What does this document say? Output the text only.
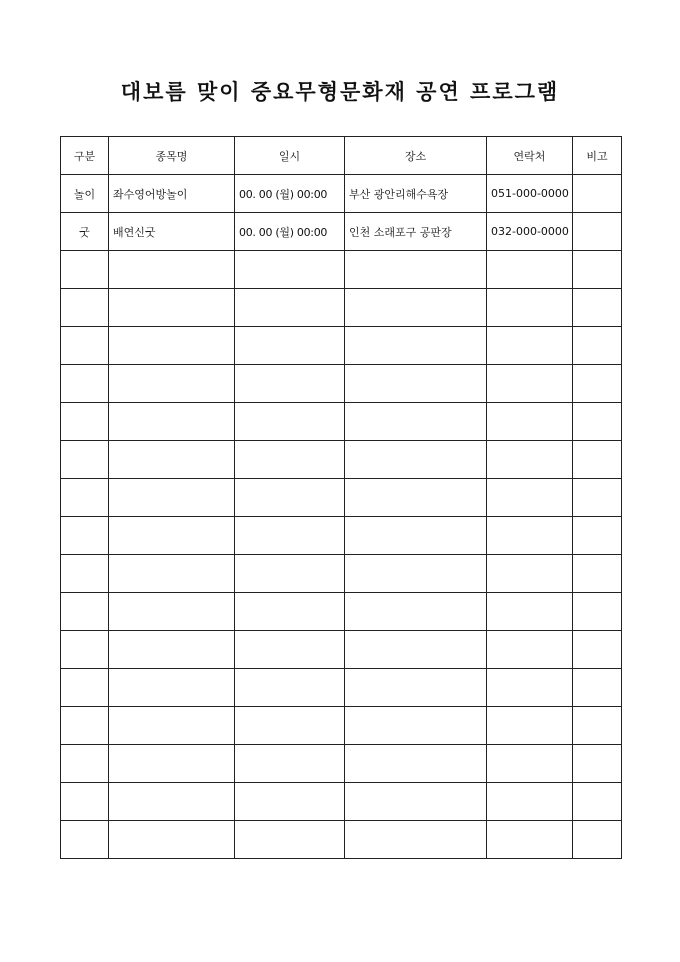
대보름 맞이 중요무형문화재 공연 프로그램
구분	종목명	일시	장소	연락처	비고
놀이	좌수영어방놀이	00. 00 (월) 00:00	부산 광안리해수욕장	051-000-0000	
굿	배연신굿	00. 00 (월) 00:00	인천 소래포구 공판장	032-000-0000	
